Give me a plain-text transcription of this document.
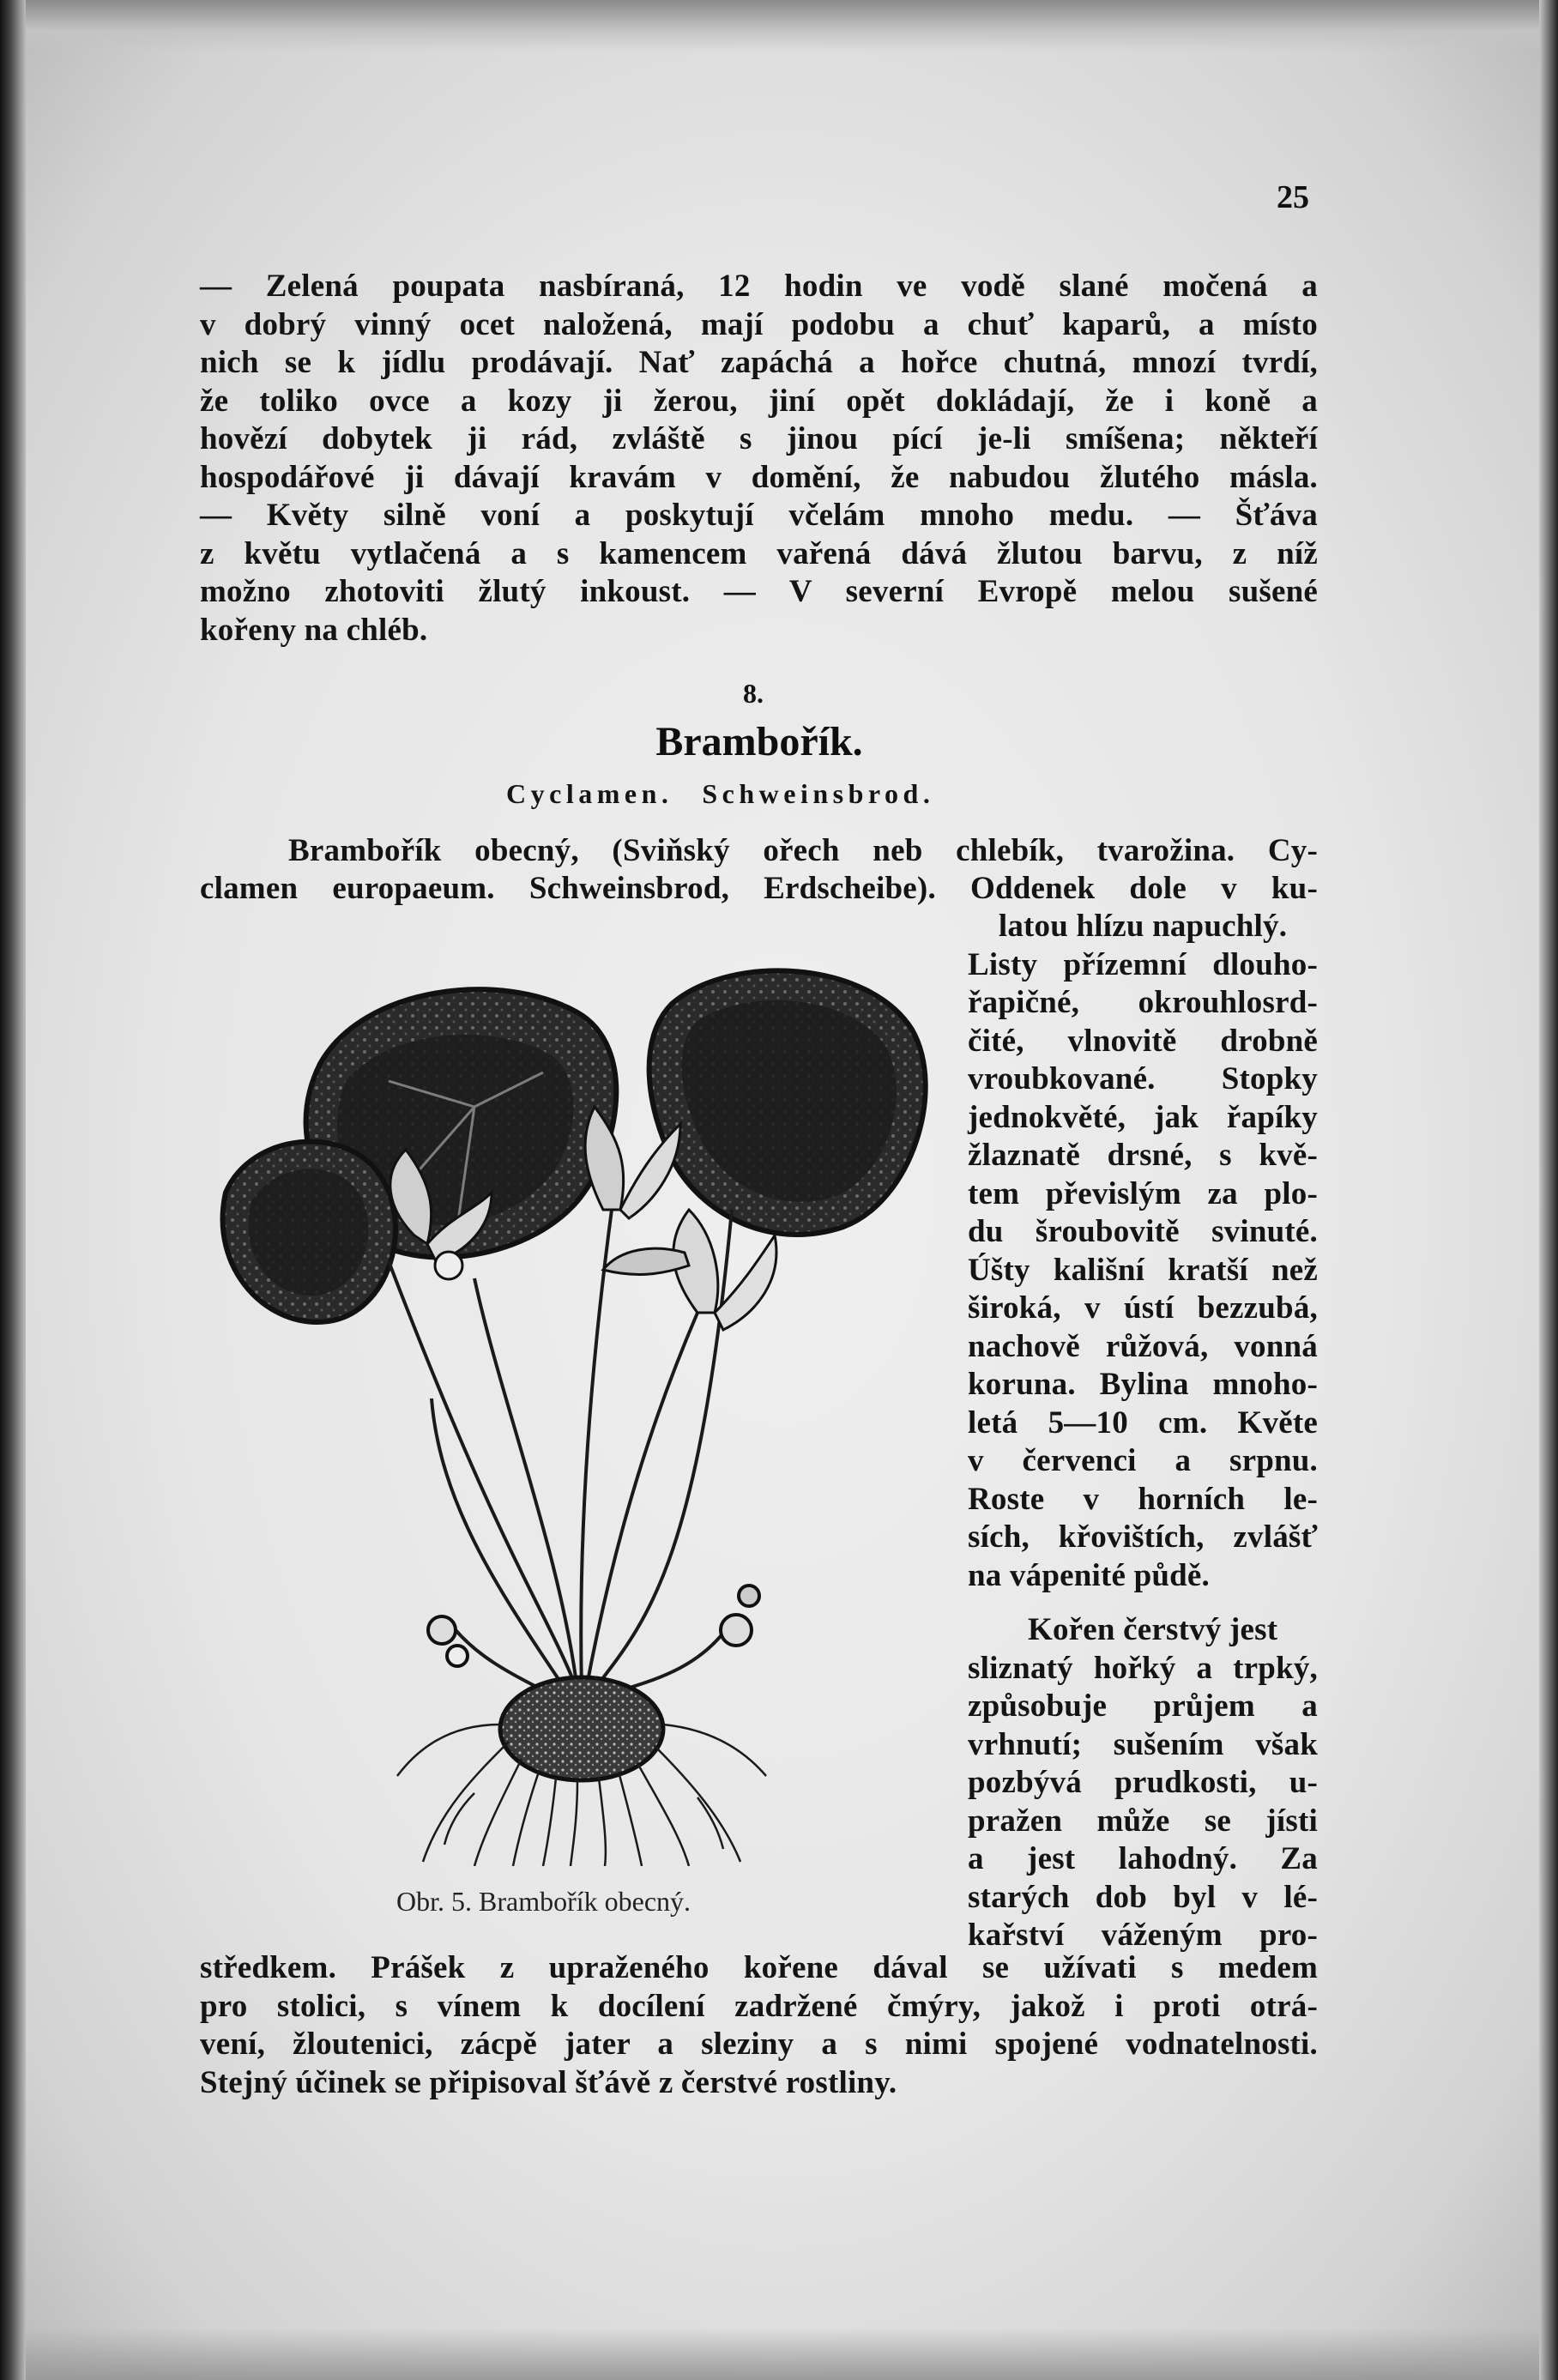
25
— Zelená poupata nasbíraná, 12 hodin ve vodě slané močená a
v dobrý vinný ocet naložená, mají podobu a chuť kaparů, a místo
nich se k jídlu prodávají. Nať zapáchá a hořce chutná, mnozí tvrdí,
že toliko ovce a kozy ji žerou, jiní opět dokládají, že i koně a
hovězí dobytek ji rád, zvláště s jinou pící je-li smíšena; někteří
hospodářové ji dávají kravám v domění, že nabudou žlutého másla.
— Květy silně voní a poskytují včelám mnoho medu. — Šťáva
z květu vytlačená a s kamencem vařená dává žlutou barvu, z níž
možno zhotoviti žlutý inkoust. — V severní Evropě melou sušené
kořeny na chléb.
8.
Brambořík.
Cyclamen. Schweinsbrod.
Brambořík obecný, (Sviňský ořech neb chlebík, tvarožina. Cy-
clamen europaeum. Schweinsbrod, Erdscheibe). Oddenek dole v ku-
latou hlízu napuchlý.
Listy přízemní dlouho-
řapičné, okrouhlosrd-
čité, vlnovitě drobně
vroubkované. Stopky
jednokvěté, jak řapíky
žlaznatě drsné, s kvě-
tem převislým za plo-
du šroubovitě svinuté.
Úšty kališní kratší než
široká, v ústí bezzubá,
nachově růžová, vonná
koruna. Bylina mnoho-
letá 5—10 cm. Květe
v červenci a srpnu.
Roste v horních le-
sích, křovištích, zvlášť
na vápenité půdě.
Kořen čerstvý jest
sliznatý hořký a trpký,
způsobuje průjem a
vrhnutí; sušením však
pozbývá prudkosti, u-
pražen může se jísti
a jest lahodný. Za
starých dob byl v lé-
kařství váženým pro-
středkem. Prášek z upraženého kořene dával se užívati s medem
pro stolici, s vínem k docílení zadržené čmýry, jakož i proti otrá-
vení, žloutenici, zácpě jater a sleziny a s nimi spojené vodnatelnosti.
Stejný účinek se připisoval šťávě z čerstvé rostliny.
Obr. 5. Brambořík obecný.
